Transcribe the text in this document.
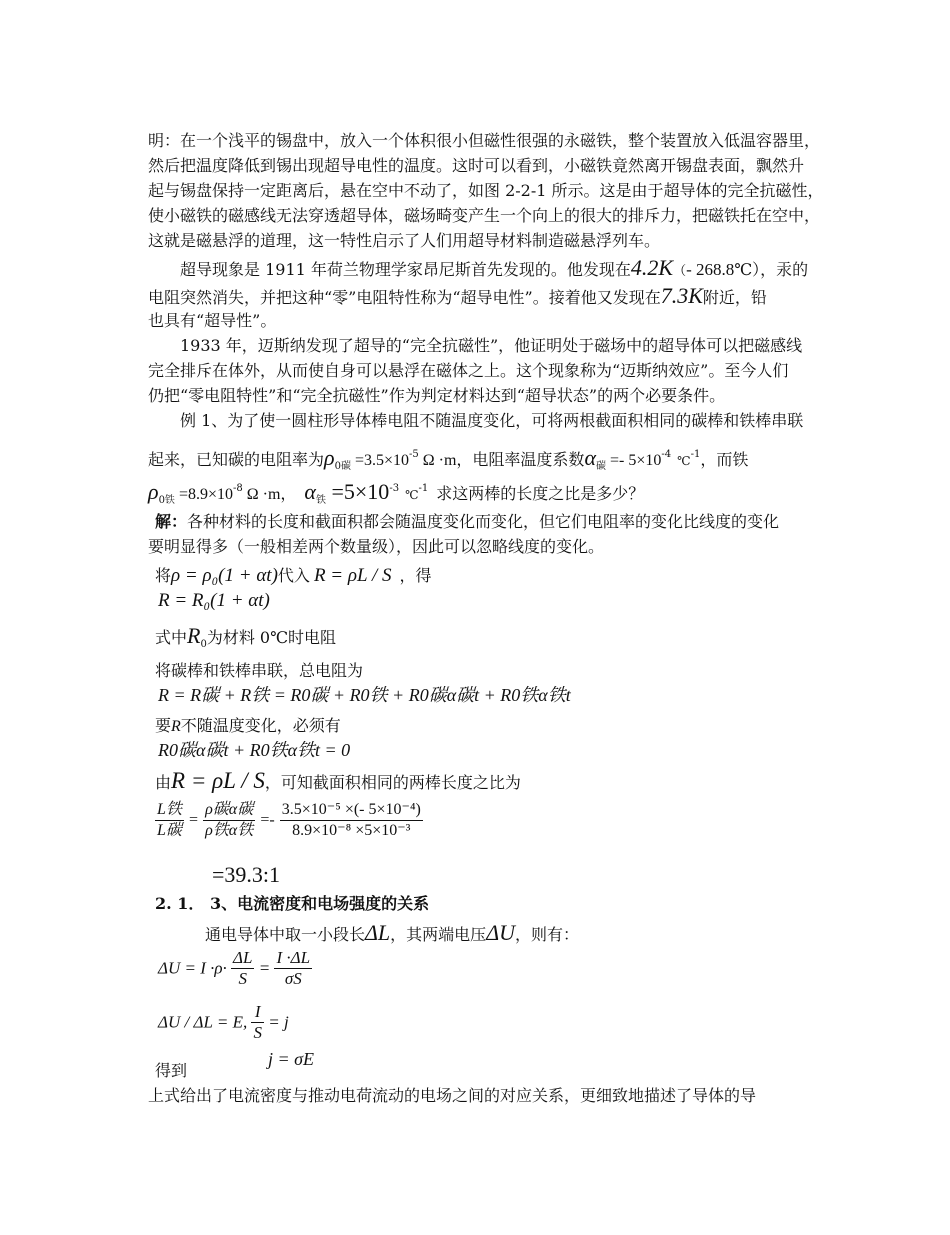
明：在一个浅平的锡盘中，放入一个体积很小但磁性很强的永磁铁，整个装置放入低温容器里，
然后把温度降低到锡出现超导电性的温度。这时可以看到，小磁铁竟然离开锡盘表面，飘然升
起与锡盘保持一定距离后，悬在空中不动了，如图 2-2-1 所示。这是由于超导体的完全抗磁性，
使小磁铁的磁感线无法穿透超导体，磁场畸变产生一个向上的很大的排斥力，把磁铁托在空中，
这就是磁悬浮的道理，这一特性启示了人们用超导材料制造磁悬浮列车。
超导现象是 1911 年荷兰物理学家昂尼斯首先发现的。他发现在4.2K（- 268.8℃），汞的
电阻突然消失，并把这种“零”电阻特性称为“超导电性”。接着他又发现在7.3K附近，铅
也具有“超导性”。
1933 年，迈斯纳发现了超导的“完全抗磁性”，他证明处于磁场中的超导体可以把磁感线
完全排斥在体外，从而使自身可以悬浮在磁体之上。这个现象称为“迈斯纳效应”。至今人们
仍把“零电阻特性”和“完全抗磁性”作为判定材料达到“超导状态”的两个必要条件。
例 1、为了使一圆柱形导体棒电阻不随温度变化，可将两根截面积相同的碳棒和铁棒串联
起来，已知碳的电阻率为$\rho_{0碳} =3.5\times 10^{-5}$ Ω ·m，电阻率温度系数$\alpha_碳 =- 5\times 10^{-4}$ ℃$^{-1}$，而铁
$\rho_{0铁} =8.9\times 10^{-8}$ Ω ·m， $\alpha_铁 =5\times 10^{-3}$ ℃$^{-1}$ 求这两棒的长度之比是多少？
解：各种材料的长度和截面积都会随温度变化而变化，但它们电阻率的变化比线度的变化
要明显得多（一般相差两个数量级），因此可以忽略线度的变化。
将ρ = ρ₀(1 + αt)代入 R = ρL / S ，得
R = R₀(1 + αt)
式中$R_0$为材料 0℃时电阻
将碳棒和铁棒串联，总电阻为
R = R碳 + R铁 = R0碳 + R0铁 + R0碳α碳t + R0铁α铁t
要R不随温度变化，必须有
R0碳α碳t + R0铁α铁t = 0
由R = ρL / S，可知截面积相同的两棒长度之比为
$\frac{\text{L铁}}{\text{L碳}} = \frac{\text{ρ碳α碳}}{\text{ρ铁α铁}} =- \frac{\text{3.5×10⁻⁵ ×(- 5×10⁻⁴)}}{\text{8.9×10⁻⁸ ×5×10⁻³}}$
=39.3:1
2. 1． 3、电流密度和电场强度的关系
通电导体中取一小段长ΔL，其两端电压ΔU，则有：
$\Delta U = I \cdot\rho\cdot \frac{\Delta L}{S} = \frac{I \cdot\Delta L}{\sigma S}$
ΔU / ΔL = E, $\frac{I}{S} = j$
得到
j = σE
上式给出了电流密度与推动电荷流动的电场之间的对应关系，更细致地描述了导体的导
